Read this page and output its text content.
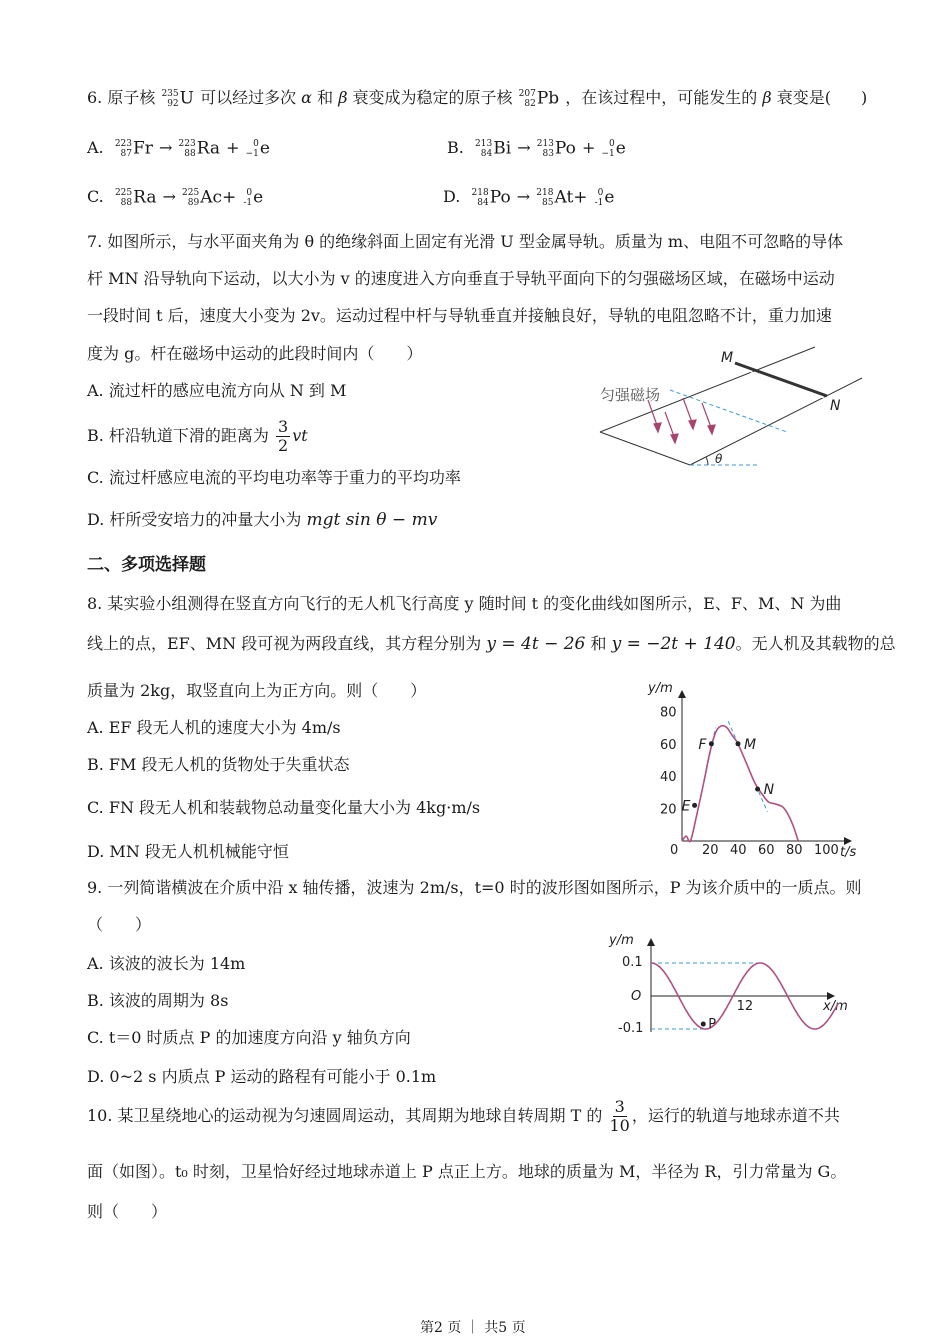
6. 原子核 235
92 U 可以经过多次 α 和 β 衰变成为稳定的原子核 207
82 Pb ，在该过程中，可能发生的 β 衰变是( )
A. 223
87 Fr → 223
88 Ra + 0
−1 e	B. 213
84 Bi → 213
83 Po + 0
−1 e
C. 225
88 Ra → 225
89 Ac+ 0
-1 e	D. 218
84 Po → 218
85 At+ 0
-1 e
7. 如图所示，与水平面夹角为 θ 的绝缘斜面上固定有光滑 U 型金属导轨。质量为 m、电阻不可忽略的导体
杆 MN 沿导轨向下运动，以大小为 v 的速度进入方向垂直于导轨平面向下的匀强磁场区域，在磁场中运动
一段时间 t 后，速度大小变为 2v。运动过程中杆与导轨垂直并接触良好，导轨的电阻忽略不计，重力加速
度为 g。杆在磁场中运动的此段时间内（　　）
A. 流过杆的感应电流方向从 N 到 M
B. 杆沿轨道下滑的距离为 $\frac{3}{2}$ vt
C. 流过杆感应电流的平均电功率等于重力的平均功率
D. 杆所受安培力的冲量大小为 mgt sin θ − mv
θ
M
N
匀强磁场
二、多项选择题
8. 某实验小组测得在竖直方向飞行的无人机飞行高度 y 随时间 t 的变化曲线如图所示，E、F、M、N 为曲
线上的点，EF、MN 段可视为两段直线，其方程分别为 y = 4t − 26 和 y = −2t + 140。无人机及其载物的总
质量为 2kg，取竖直向上为正方向。则（　　）
A. EF 段无人机的速度大小为 4m/s
B. FM 段无人机的货物处于失重状态
C. FN 段无人机和装载物总动量变化量大小为 4kg·m/s
D. MN 段无人机机械能守恒
y/m
t/s
0 20 40 60 80 100
20
40
60
80
E
F	M
N
9. 一列简谐横波在介质中沿 x 轴传播，波速为 2m/s，t=0 时的波形图如图所示，P 为该介质中的一质点。则
（　　）
A. 该波的波长为 14m
B. 该波的周期为 8s
C. t＝0 时质点 P 的加速度方向沿 y 轴负方向
D. 0~2 s 内质点 P 运动的路程有可能小于 0.1m
y/m
x/m
O
0.1
-0.1
12
P
10. 某卫星绕地心的运动视为匀速圆周运动，其周期为地球自转周期 T 的 $\frac{3}{10}$ ，运行的轨道与地球赤道不共
面（如图）。t₀ 时刻，卫星恰好经过地球赤道上 P 点正上方。地球的质量为 M，半径为 R，引力常量为 G。
则（　　）
第2 页 ｜ 共5 页
